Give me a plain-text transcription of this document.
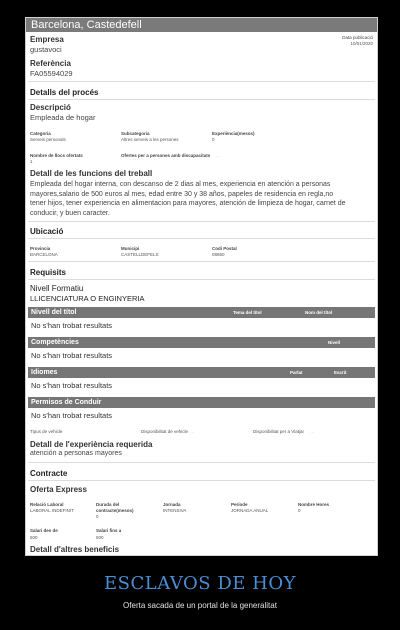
Barcelona, Castedefell
Empresa
gustavoci
Data publicació
10/01/2020
Referència
FA05594029
Detalls del procés
Descripció
Empleada de hogar
Categoria
Serveis personals
Subcategoria
Altres serveis a les persones
Experiència(mesos)
0
Nombre de llocs ofertats
1
Ofertes per a persones amb discapacitats …
Detall de les funcions del treball
Empleada del hogar interna, con descanso de 2 dias al mes, experiencia en atención a personas
mayores,salario de 500 euros al mes, edad entre 30 y 38 años, papeles de residencia en regla,no
tener hijos, tener experiencia en alimentacion para mayores, atención de limpieza de hogar, carnet de
conducir, y buen caracter.
Ubicació
Provincia
BARCELONA
Municipi
CASTELLDEFELS
Codi Postal
08860
Requisits
Nivell Formatiu
LLICENCIATURA O ENGINYERIA
Nivell del títol	Tema del títol	Nom del títol
No s'han trobat resultats
Competències	Nivell
No s'han trobat resultats
Idiomes	Parlat	Escrit
No s'han trobat resultats
Permisos de Conduir
No s'han trobat resultats
Tipus de vehicle	Disponibilitat de vehicle …	Disponibilitat per a Viatjar …
Detall de l'experiència requerida
atención a personas mayores
Contracte
Oferta Express
Relació Laboral
LABORAL INDEFINIT
Durada del contracte(mesos)
0
Jornada
INTENSIVA
Període
JORNADA ANUAL
Nombre Hores
0
Salari des de
500
Salari fins a
500
Detall d'altres beneficis
ESCLAVOS DE HOY
Oferta sacada de un portal de la generalitat
